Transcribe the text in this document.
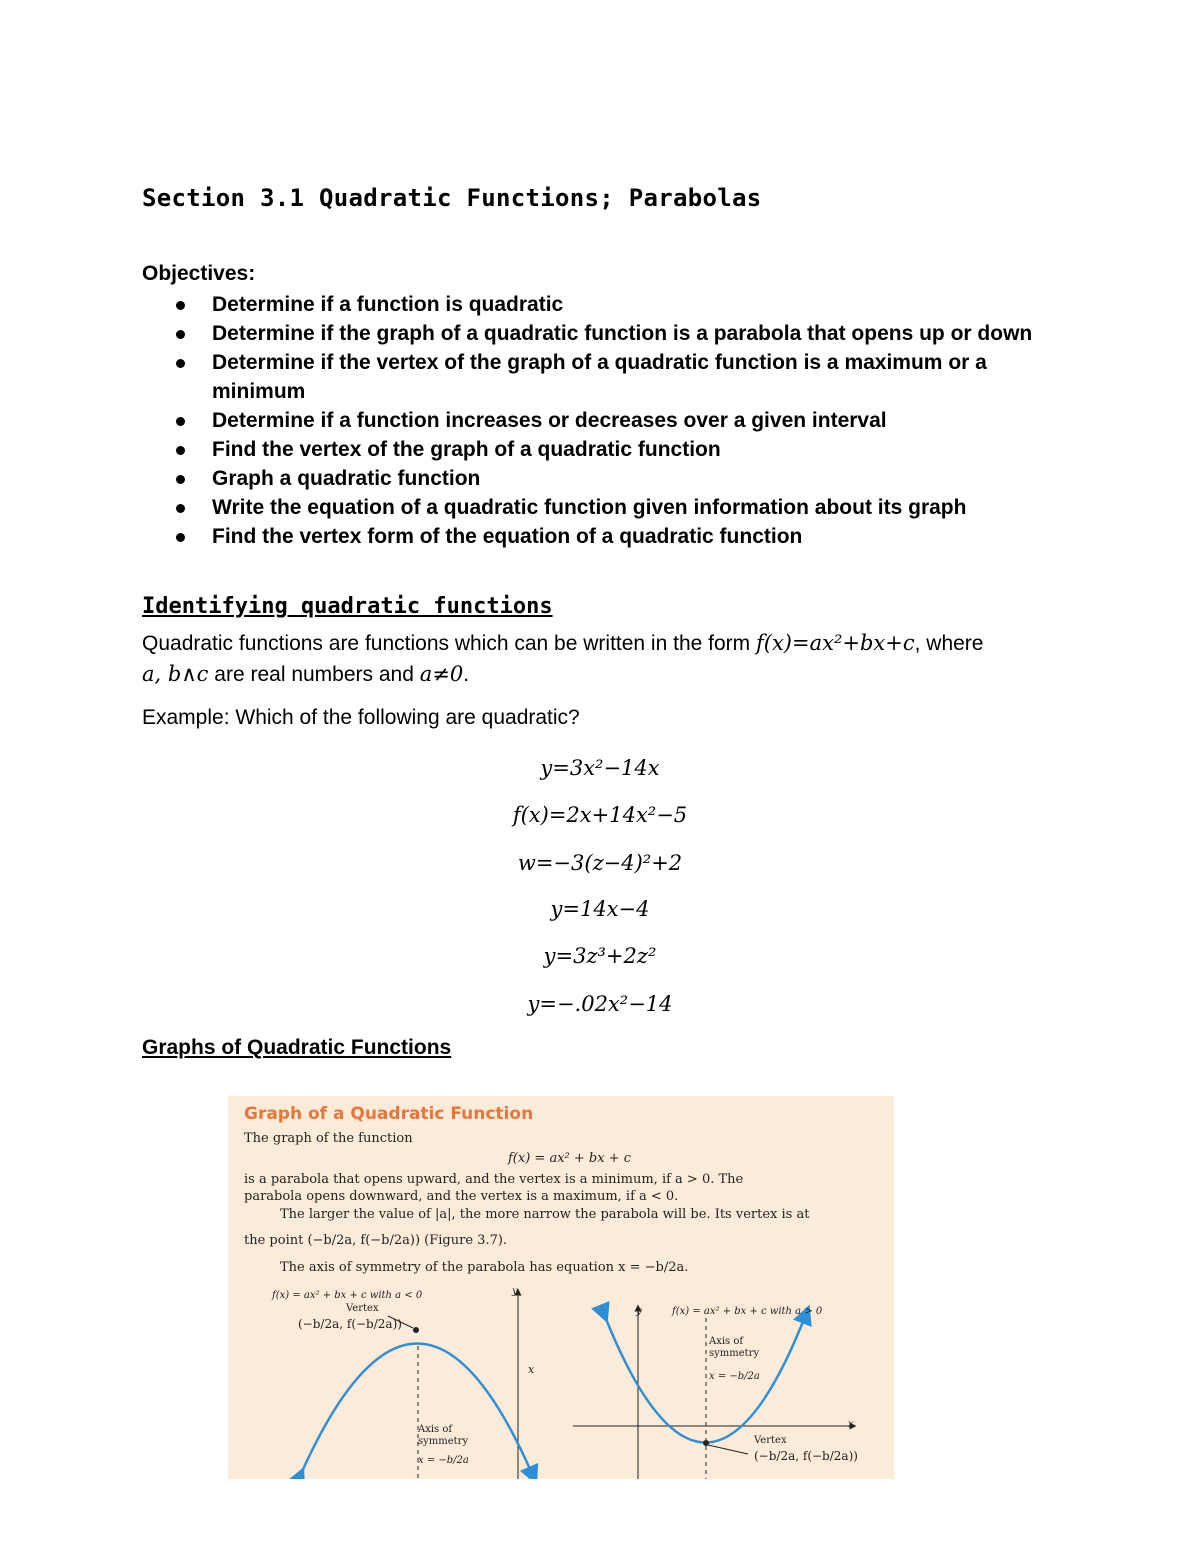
Section 3.1 Quadratic Functions; Parabolas
Objectives:
Determine if a function is quadratic
Determine if the graph of a quadratic function is a parabola that opens up or down
Determine if the vertex of the graph of a quadratic function is a maximum or a minimum
Determine if a function increases or decreases over a given interval
Find the vertex of the graph of a quadratic function
Graph a quadratic function
Write the equation of a quadratic function given information about its graph
Find the vertex form of the equation of a quadratic function
Identifying quadratic functions
Quadratic functions are functions which can be written in the form f(x)=ax²+bx+c, where
a, b∧c are real numbers and a≠0.
Example: Which of the following are quadratic?
y=3x²−14x
f(x)=2x+14x²−5
w=−3(z−4)²+2
y=14x−4
y=3z³+2z²
y=−.02x²−14
Graphs of Quadratic Functions
Graph of a Quadratic Function
The graph of the function
f(x) = ax² + bx + c
is a parabola that opens upward, and the vertex is a minimum, if a > 0. The
parabola opens downward, and the vertex is a maximum, if a < 0.
The larger the value of |a|, the more narrow the parabola will be. Its vertex is at
the point (−b/2a, f(−b/2a)) (Figure 3.7).
The axis of symmetry of the parabola has equation x = −b/2a.
f(x) = ax² + bx + c with a < 0
Vertex
(−b/2a, f(−b/2a))
x
y
Axis of symmetry
x = −b/2a
y	f(x) = ax² + bx + c with a > 0
Axis of symmetry
x = −b/2a
x
Vertex
(−b/2a, f(−b/2a))
